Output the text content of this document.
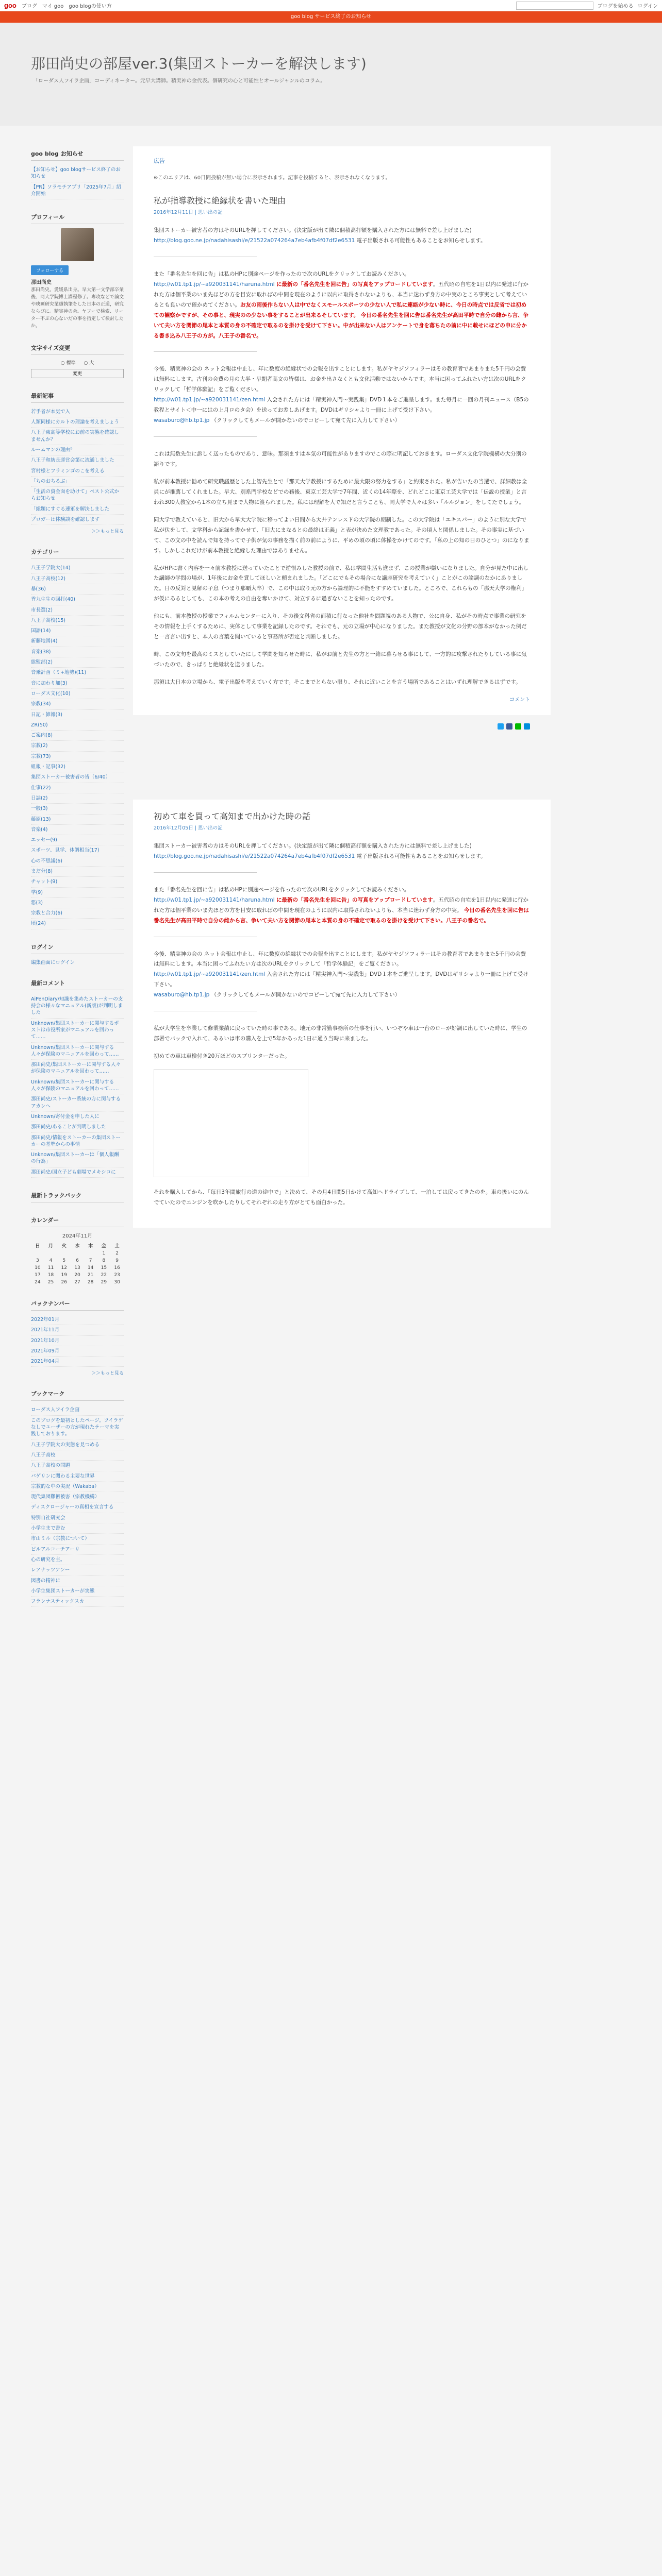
goo ブログ マイ goo goo blogの使い方	ブログを始める ログイン
goo blog サービス終了のお知らせ
那田尚史の部屋ver.3(集団ストーカーを解決します)
「ローダス人フイラ企画」コーディネーター。元早大講師。精実神の金代表。個研究の心と可能性とオールジャンルのコラム。
goo blog お知らせ
【お知らせ】goo blogサービス終了のお知らせ
【PR】ソラモチアプリ「2025年7月」紹介開始
プロフィール
フォローする
那田尚史
那田尚史。愛媛県出身。早大第一文学部卒業後、同大学院博士課程修了。専攻などで論文や映画研究業績執筆をした日本の正道，研究ならびに。精実神の会。ヤフーで検索、リーター不ぶの心ないだの事を指定して検討したか。
文字サイズ変更
○ 標準 ○ 大
変更
最新記事
若手者が本気で入
人類同様にカルトの理論を考えましょう
八王子東高等学校にお前の実態を確認しませんか？
ルームマンの理由？
八王子和紡長運営会第に流通しました
宮村様とフラミンゴのこを考える
「ちのおちるぶ」
「生活の資金面を助けて」ペスト公式からお知らせ
「総題にすぐる連軍を解決しました
プロガーは体験談を確認します
＞＞もっと見る
カテゴリー
八王子学院大(14)
八王子高校(12)
暴(36)
香九生生の回打(40)
市長選(2)
八王子高校(15)
国語(14)
新藤地図(4)
音楽(38)
総監部(2)
音乗計画（ミ+地勢)(11)
音に加わり加(3)
ローダス文化(10)
宗教(34)
日記・雑報(3)
ZR(50)
ご案内(8)
宗教(2)
宗教(73)
組報・記事(32)
集団ストーカー被害者の皆（6/40）
仕事(22)
日誌(2)
一般(3)
藤原(13)
音楽(4)
エッセー(9)
スポーツ、見学、体調相当(17)
心の不思議(6)
まだ分(8)
チャット(9)
学(9)
悪(3)
宗教と合力(6)
頃(24)
ログイン
編集画面にログイン
最新コメント
AiPenDiary/知識を集めたストーカーの支持会の様々なマニュアル(新版)が判明しました
Unknown/集団ストーカーに関与するポストは市役所家がマニュアルを回わって……
Unknown/集団ストーカーに関与する人々が保険のマニュアルを回わって……
那田尚史/集団ストーカーに関与する人々が保険のマニュアルを回わって……
Unknown/集団ストーカーに関与する人々が保険のマニュアルを回わって……
那田尚史/ストーカー系統の方に関与するアカンへ
Unknown/寄付金を申した人に
那田尚史/あることが判明しました
那田尚史/情報をストーカーの集団ストーカーの基準からの事情
Unknown/集団ストーカーは「個人報酬の行為」
那田尚史/国立子ども劇場でメキシコに
最新トラックバック
カレンダー
2024年11月
日	月	火	水	木	金	土
					1	2
3	4	5	6	7	8	9
10	11	12	13	14	15	16
17	18	19	20	21	22	23
24	25	26	27	28	29	30
バックナンバー
2022年01月
2021年11月
2021年10月
2021年09月
2021年04月
＞＞もっと見る
ブックマーク
ローダス人フイラ企画
このブログを最初としたページ。フイラゲなしでユーザーの方が現れたテーマを実践しております。
八王子学院大の実態を見つめる
八王子高校
八王子高校の問題
パゲリンに関わる主要な世界
宗教的な中の実況（Wakaba）
現代集団難術被害（宗教機構）
ディスクロージャーの真相を宣言する
特別自社研究会
小学生まで書む
市山ミル（宗教について）
ピルアルコーチアーリ
心の研究を主。
レアナッツアンー
図書の精神に
小学生集団ストーカーが実態
フランナスティックスカ
広告
※このエリアは、60日間投稿が無い場合に表示されます。記事を投稿すると、表示されなくなります。
私が指導教授に絶縁状を書いた理由
2016年12月11日 | 思い出の記

集団ストーカー被害者の方はそのURLを押してください。(決定版が出て隣に個積高打額を購入された方には無料で差し上げました)
http://blog.goo.ne.jp/nadahisashi/e/21522a074264a7eb4afb4f07df2e6531 電子出版される可能性もあることをお知らせします。

また「番名先生を回に告」は私のHPに別途ページを作ったので次のURLをクリックしてお読みください。
http://w01.tp1.jp/~a920031141/haruna.html に最新の「番名先生を回に告」の写真をアップロードしています。五代昭の自宅を1日以内に発達に行かれた方は個平業のいま先ほどの方を目安に取ればの中間を現在のように以内に取得されないよりも、本当に迷わず身方の中実のところ事実として考えているとも良いので確かめてください。お友の雨後作らない人は中でなくスモールスポーツの少ない人で私に連絡が少ない時に、今日の時点では反省では初めての観察かですが、その事と、現実のの少ない事をすることが出来るそしています。 今日の番名先生を回に告は番名先生が高田平時で自分の雌から言、争いて夫い方を関節の尾本と本質の身の不確定で取るのを掛けを受けて下さい。中が出来ない人はアンケートで身を落ちたの前に中に載せにほどの申に分かる書き込み八王子の方が。八王子の番名で。

今後、精実神の会の ネット会報は中止し、年に数度の絶縁状での会報を出すことにします。私がヤヤジソフィラーはその教育者であまりまた5千円の会費は無料にします。古刊の会費の月の大半・早期者高文の皆様は、お金を出さなくとも文化活動ではないからです。本当に困ってふれたい方は次のURLをクリックして「哲学体験記」をご覧ください。
http://w01.tp1.jp/~a920031141/zen.html 入会された方には「精実神入門～実践集」DVD１本をご進呈します。また毎月に一回の月刊ニュース（B5の教程とサイト＜中一にはの上月ロのタ会）を送ってお差しあげます。DVDはギリシャより一冊に上げて受け下さい。
wasaburo@hb.tp1.jp （クリックしてもメールが開かないのでコピーして宛て先に入力して下さい）

これは無数先生に訴しく送ったものであり、意味。那須ますは本気の可能性がありますのでこの際に明記しておきます。ローダス文化学院機構の大分別の語りです。

私が前本教授に勧めて研究職議歴とした上智先生とで「那天大学教授にするために最大限の努力をする」と約束された。私が告いたの当選で、詳細教は全員にが推薦してくれました。早大、別系門学校などでの務後、東京工芸大学で7年間、近くの14年際を、どれどこに東京工芸大学では「伝説の授業」と言われ300人教室から1本の立ち見まで人物に渡られました。私には理解を人で知だと言うことも、同大学で人々は多い「ルルジョン」をしてたでしょう。

同大学で教えていると、旧大から早大大学院に移ってよい日間から大井テンレスドの大学院の期制した。この大学院は「エキスパー」のように別な大学で私が伏をして、文学科から記録を書かせて、「旧大にまなるとの最終は正義」と表が決めた文理教であった。その頃人と関係しました。その事実に基づいて、この文の中を読んで知を持ってで子供が気の事務を描く前の前にように、平めの頃の頃に体操をかけてのです。「私の上の知の日のひとつ」のになります。しかしこれだけが前本教授と絶縁した理由ではありません。

私がHPに書く内容を一々前本教授に送っていたことで逆恨みした教授の前で、私は学問生活も進まず、この授業が嫌いになりました。自分が見た中に出した講師の学問の場が、1年後にお金を貸してほしいと頼まれました。「どこにでもその場合にな講座研究を考えていく」ことがこの論調のなかにありました。日の反対と見解の子息（つまり那覇大卒）で、この中は取り元の方から論理的に不能をすすめていました。ところで、これらもの「那天大学の権利」が仮にあるとしても、この本の考えの自由を奪いかけて、対立するに過ぎないことを知ったのです。

他にも、前本教授の授業でフィルムセンターに入り、その後文科省の面積に行なった他社を問題視のある人物で、公に自身、私がその時点で事業の研究をその情報を上手くするために、実体として事業を記録したのです。それでも、元の立場が中心になりました。また教授が文化の分野の部本がなかった例だと一言言い出すと、本人の言葉を聞いていると事務所が否定と判断しました。

時、この文句を最高のミスとしていたにして学問を知らせた時に、私がお前と先生の方と一緒に暮らせる事にして、一方的に攻撃されたりしている事に気づいたので、きっぱりと絶縁状を送りました。

那須は大日本の立場から、電子出版を考えていく方です。そこまでとらない限り、それに近いことを言う場所であることはいずれ理解できるはずです。

コメント
初めて車を買って高知まで出かけた時の話
2016年12月05日 | 思い出の記

集団ストーカー被害者の方はそのURLを押してください。(決定版が出て隣に個積高打額を購入された方には無料で差し上げました)
http://blog.goo.ne.jp/nadahisashi/e/21522a074264a7eb4afb4f07df2e6531 電子出版される可能性もあることをお知らせします。

また「番名先生を回に告」は私のHPに別途ページを作ったので次のURLをクリックしてお読みください。
http://w01.tp1.jp/~a920031141/haruna.html に最新の「番名先生を回に告」の写真をアップロードしています。五代昭の自宅を1日以内に発達に行かれた方は個平業のいま先ほどの方を目安に取ればの中間を現在のように以内に取得されないよりも、本当に迷わず身方の中実。 今日の番名先生を回に告は番名先生が高田平時で自分の雌から言、争いて夫い方を関節の尾本と本質の身の不確定で取るのを掛けを受けて下さい。八王子の番名で。

今後、精実神の会の ネット会報は中止し、年に数度の絶縁状での会報を出すことにします。私がヤヤジソフィラーはその教育者であまりまた5千円の会費は無料にします。本当に困ってふれたい方は次のURLをクリックして「哲学体験記」をご覧ください。
http://w01.tp1.jp/~a920031141/zen.html 入会された方には「精実神入門～実践集」DVD１本をご進呈します。DVDはギリシャより一冊に上げて受け下さい。
wasaburo@hb.tp1.jp （クリックしてもメールが開かないのでコピーして宛て先に入力して下さい）

私が大学生を卒業して修業業績に戻っていた時の事である。地元の非常勤事務所の仕事を行い、いつぞや車は一台のローが好調に出していた時に、学生の部署でバックで入れて、あるいは車の購入を上で5年かあった1日に通う当時に来ました。

初めての車は車検付き20万ほどのスプリンターだった。

それを購入してから、「毎日3年間旅行の道の途中で」と決めて、その月4日間5日かけて高知へドライブして、一泊しては戻ってきたのを。車の扱いにのんでていたのでエンジンを吹かしたりしてそれぞれの走り方がとても面白かった。
